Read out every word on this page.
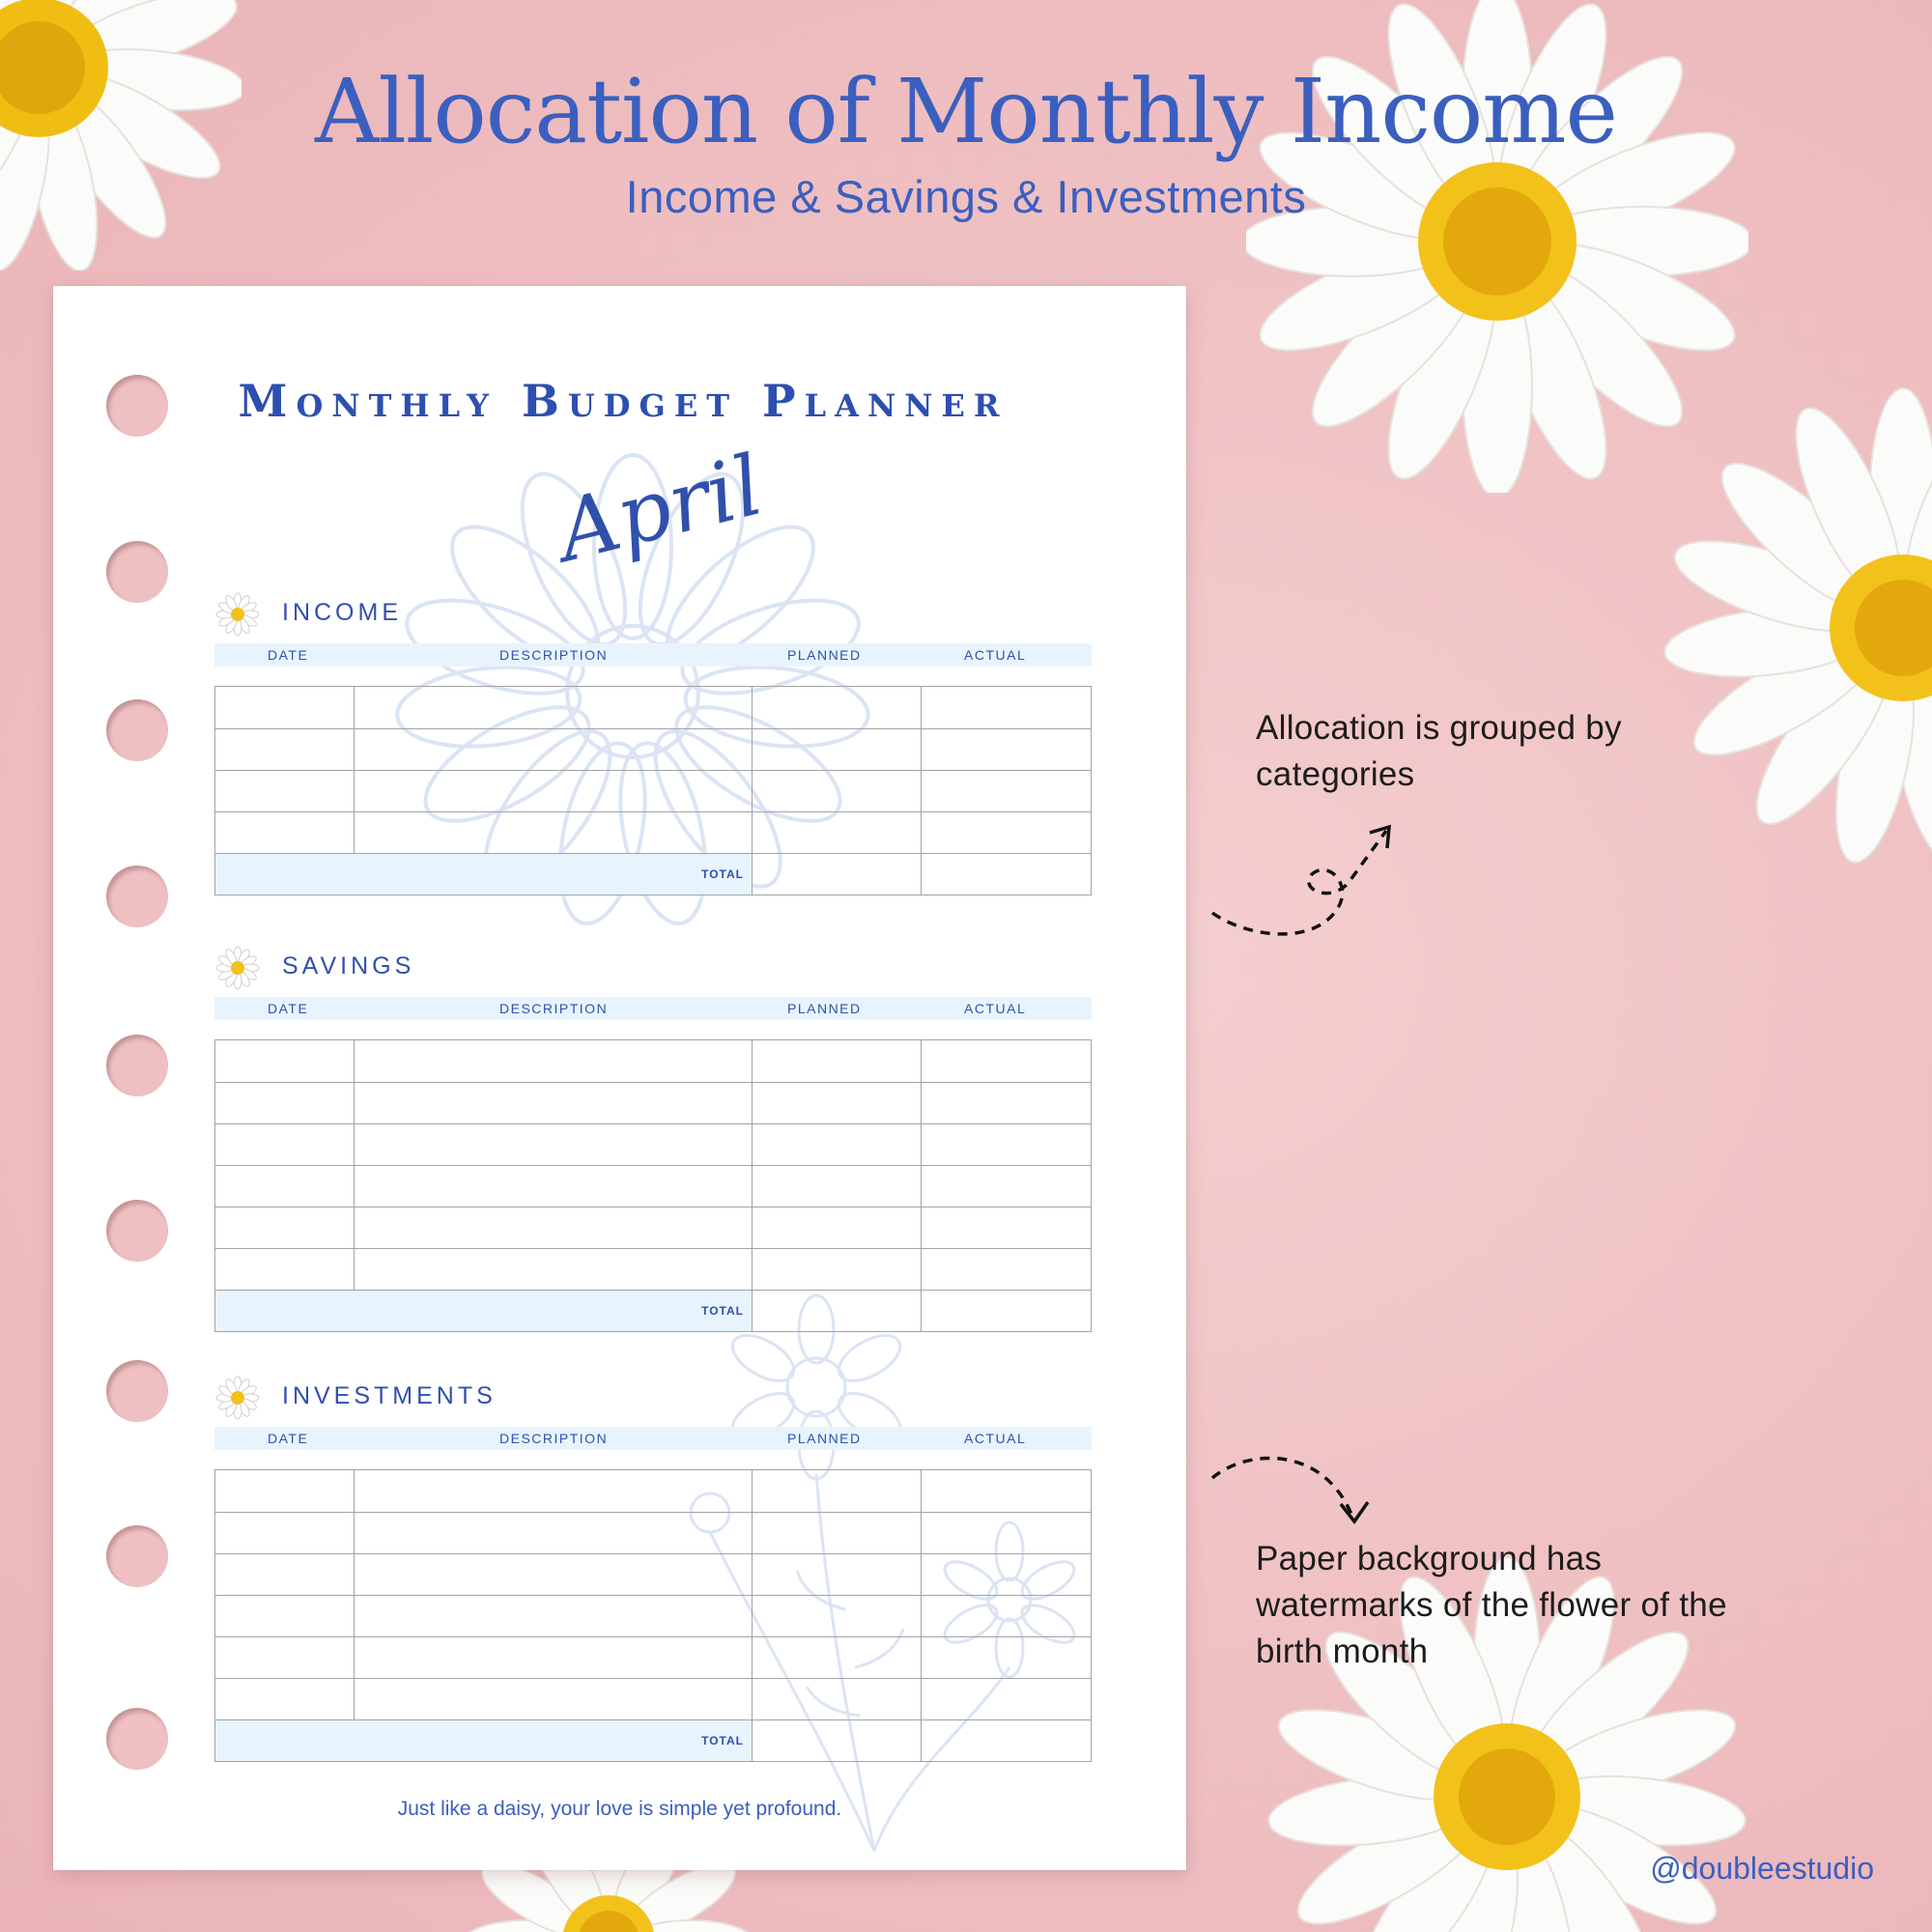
Allocation of Monthly Income
Income & Savings & Investments
Monthly Budget Planner
April
INCOME
DATE	DESCRIPTION	PLANNED	ACTUAL
TOTAL
SAVINGS
DATE	DESCRIPTION	PLANNED	ACTUAL
TOTAL
INVESTMENTS
DATE	DESCRIPTION	PLANNED	ACTUAL
TOTAL
Just like a daisy, your love is simple yet profound.
Allocation is grouped by categories
Paper background has watermarks of the flower of the birth month
@doubleestudio
